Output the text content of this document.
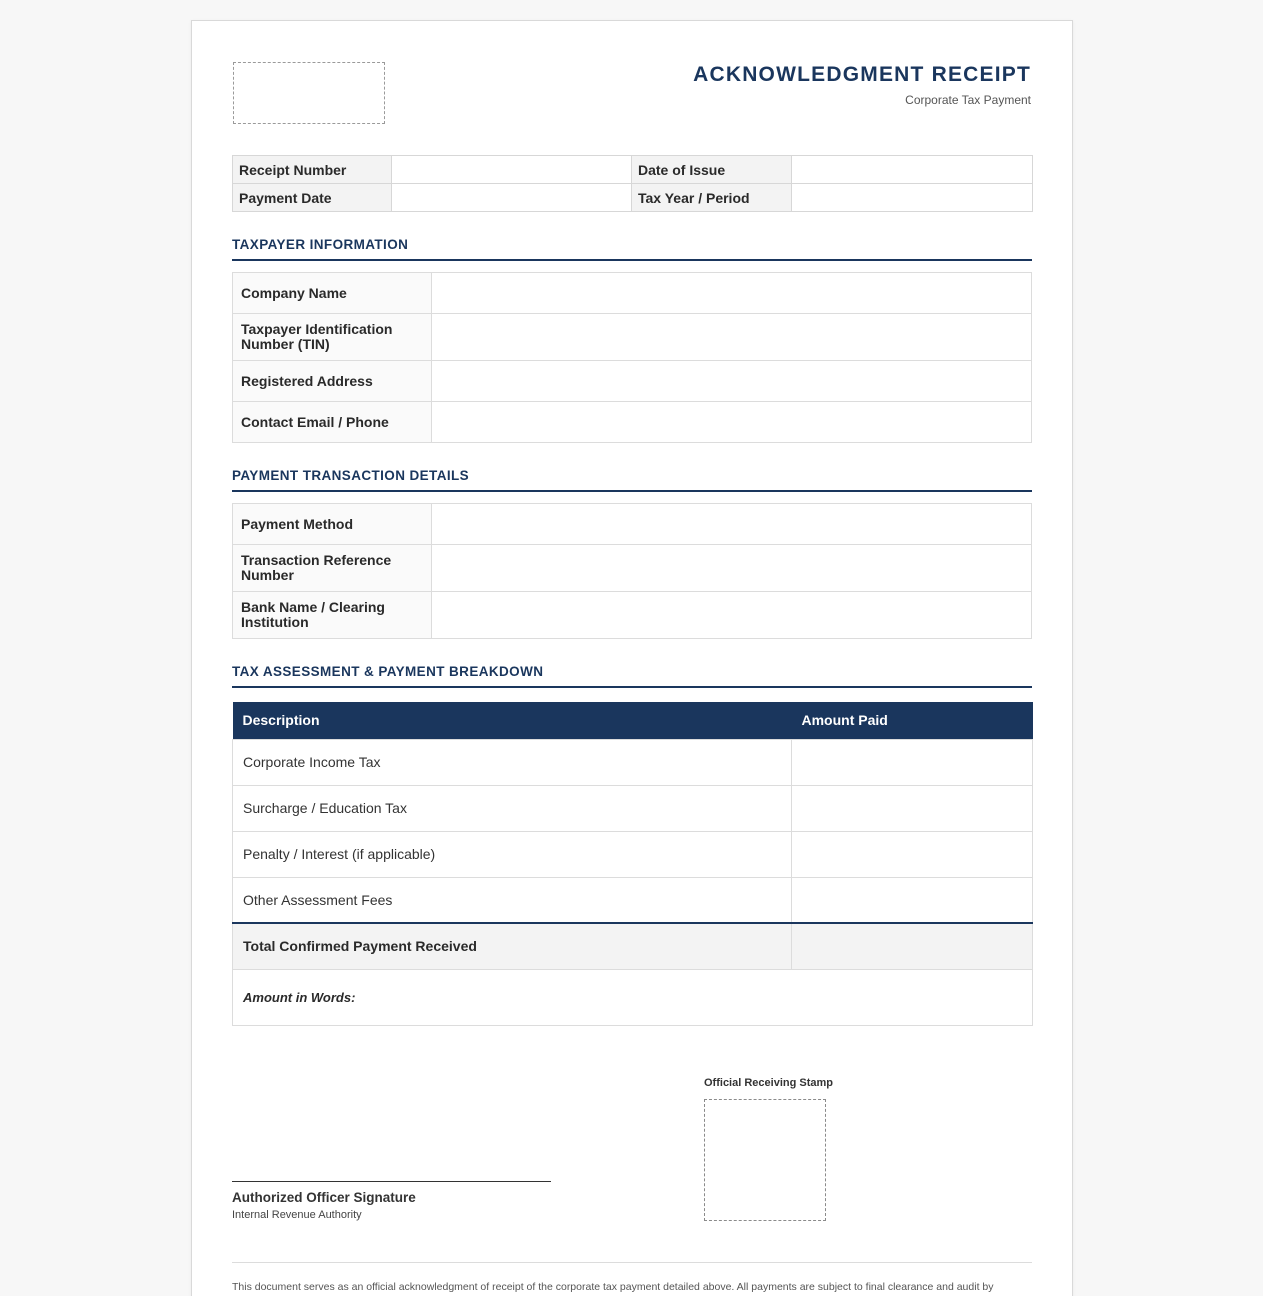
ACKNOWLEDGMENT RECEIPT
Corporate Tax Payment
Receipt Number		Date of Issue	
Payment Date		Tax Year / Period	
TAXPAYER INFORMATION
Company Name	
Taxpayer Identification Number (TIN)	
Registered Address	
Contact Email / Phone	
PAYMENT TRANSACTION DETAILS
Payment Method	
Transaction Reference Number	
Bank Name / Clearing Institution	
TAX ASSESSMENT & PAYMENT BREAKDOWN
Description	Amount Paid
Corporate Income Tax	
Surcharge / Education Tax	
Penalty / Interest (if applicable)	
Other Assessment Fees	
Total Confirmed Payment Received	
Amount in Words:	
Official Receiving Stamp
Authorized Officer Signature
Internal Revenue Authority
This document serves as an official acknowledgment of receipt of the corporate tax payment detailed above. All payments are subject to final clearance and audit by
